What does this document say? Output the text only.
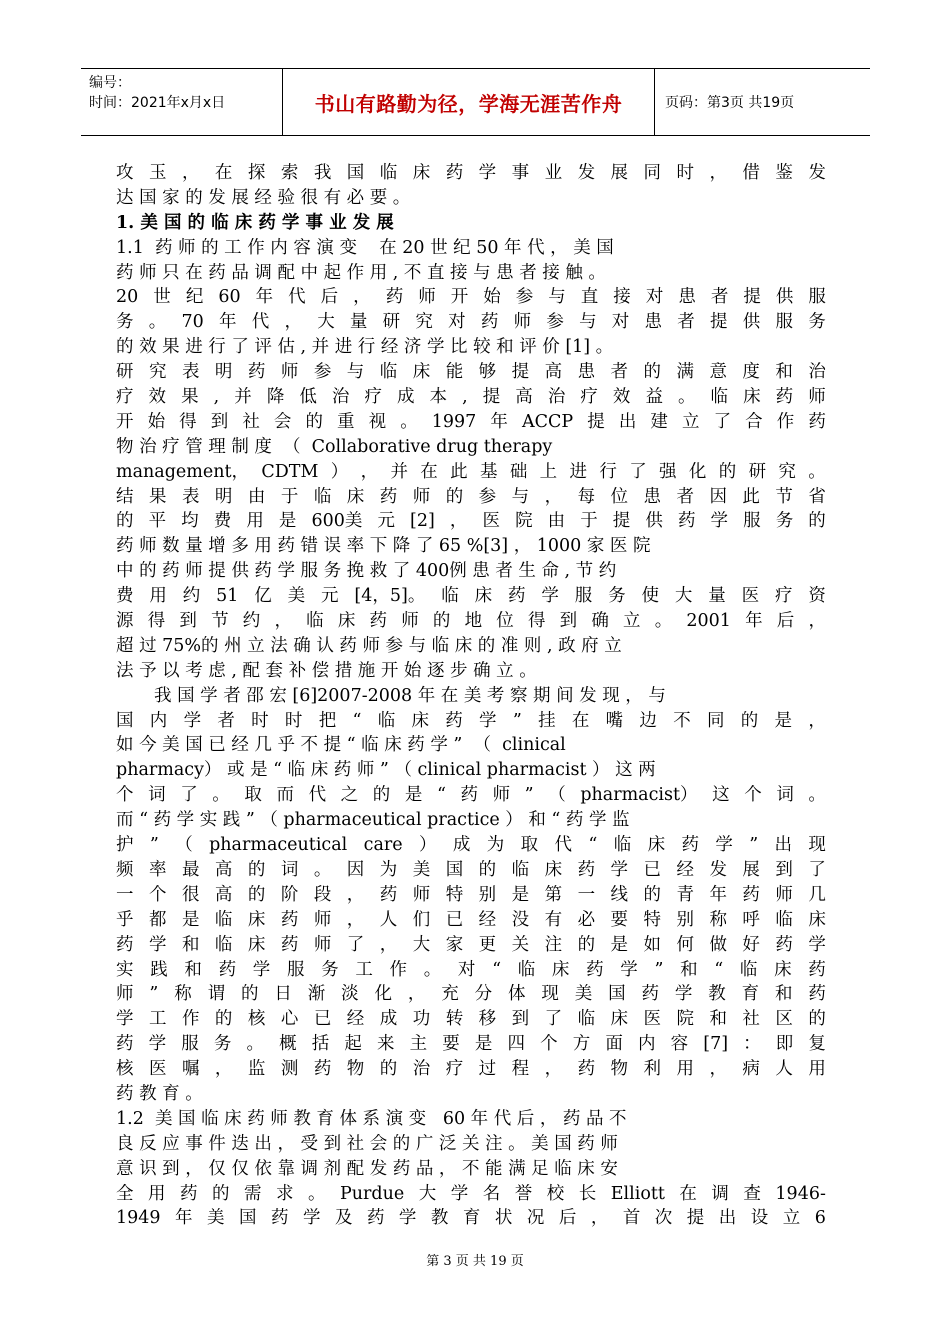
编号：
时间：2021年x月x日	书山有路勤为径，学海无涯苦作舟	页码：第3页 共19页
攻 玉 ， 在 探 索 我 国 临 床 药 学 事 业 发 展 同 时 ， 借 鉴 发
达 国 家 的 发 展 经 验 很 有 必 要 。
1. 美 国 的 临 床 药 学 事 业 发 展
1.1  药 师 的 工 作 内 容 演 变    在 20 世 纪 50 年 代 ， 美 国
药 师 只 在 药 品 调 配 中 起 作 用 , 不 直 接 与 患 者 接 触 。
20 世 纪 60 年 代 后 ， 药 师 开 始 参 与 直 接 对 患 者 提 供 服
务 。 70 年 代 ， 大 量 研 究 对 药 师 参 与 对 患 者 提 供 服 务
的 效 果 进 行 了 评 估 , 并 进 行 经 济 学 比 较 和 评 价 [1] 。
研 究 表 明 药 师 参 与 临 床 能 够 提 高 患 者 的 满 意 度 和 治
疗 效 果 , 并 降 低 治 疗 成 本 , 提 高 治 疗 效 益 。 临 床 药 师
开 始 得 到 社 会 的 重 视 。 1997 年 ACCP 提 出 建 立 了 合 作 药
物 治 疗 管 理 制 度  （  Collaborative drug therapy
management， CDTM ） ， 并 在 此 基 础 上 进 行 了 强 化 的 研 究 。
结 果 表 明 由 于 临 床 药 师 的 参 与 ， 每 位 患 者 因 此 节 省
的 平 均 费 用 是 600美 元 [2] ， 医 院 由 于 提 供 药 学 服 务 的
药 师 数 量 增 多 用 药 错 误 率 下 降 了 65 %[3] ， 1000 家 医 院
中 的 药 师 提 供 药 学 服 务 挽 救 了 400例 患 者 生 命 , 节 约
费 用 约 51 亿 美 元 [4，5]。 临 床 药 学 服 务 使 大 量 医 疗 资
源 得 到 节 约 ， 临 床 药 师 的 地 位 得 到 确 立 。 2001 年 后 ，
超 过 75%的 州 立 法 确 认 药 师 参 与 临 床 的 准 则 , 政 府 立
法 予 以 考 虑 , 配 套 补 偿 措 施 开 始 逐 步 确 立 。
我 国 学 者 邵 宏 [6]2007-2008 年 在 美 考 察 期 间 发 现 ， 与
国 内 学 者 时 时 把 “ 临 床 药 学 ” 挂 在 嘴 边 不 同 的 是 ，
如 今 美 国 已 经 几 乎 不 提 “ 临 床 药 学 ”  （  clinical
pharmacy） 或 是 “ 临 床 药 师 ” （ clinical pharmacist ） 这 两
个 词 了 。 取 而 代 之 的 是 “ 药 师 ” （ pharmacist） 这 个 词 。
而 “ 药 学 实 践 ” （ pharmaceutical practice ） 和 “ 药 学 监
护 ” （ pharmaceutical care ） 成 为 取 代 “ 临 床 药 学 ” 出 现
频 率 最 高 的 词 。 因 为 美 国 的 临 床 药 学 已 经 发 展 到 了
一 个 很 高 的 阶 段 ， 药 师 特 别 是 第 一 线 的 青 年 药 师 几
乎 都 是 临 床 药 师 ， 人 们 已 经 没 有 必 要 特 别 称 呼 临 床
药 学 和 临 床 药 师 了 ， 大 家 更 关 注 的 是 如 何 做 好 药 学
实 践 和 药 学 服 务 工 作 。 对 “ 临 床 药 学 ” 和 “ 临 床 药
师 ” 称 谓 的 日 渐 淡 化 ， 充 分 体 现 美 国 药 学 教 育 和 药
学 工 作 的 核 心 已 经 成 功 转 移 到 了 临 床 医 院 和 社 区 的
药 学 服 务 。 概 括 起 来 主 要 是 四 个 方 面 内 容 [7] ： 即 复
核 医 嘱 ， 监 测 药 物 的 治 疗 过 程 ， 药 物 利 用 ， 病 人 用
药 教 育 。
1.2  美 国 临 床 药 师 教 育 体 系 演 变   60 年 代 后 ， 药 品 不
良 反 应 事 件 迭 出 ， 受 到 社 会 的 广 泛 关 注 。 美 国 药 师
意 识 到 ， 仅 仅 依 靠 调 剂 配 发 药 品 ， 不 能 满 足 临 床 安
全 用 药 的 需 求 。 Purdue 大 学 名 誉 校 长 Elliott 在 调 查 1946-
1949 年 美 国 药 学 及 药 学 教 育 状 况 后 ， 首 次 提 出 设 立 6
第 3 页 共 19 页
